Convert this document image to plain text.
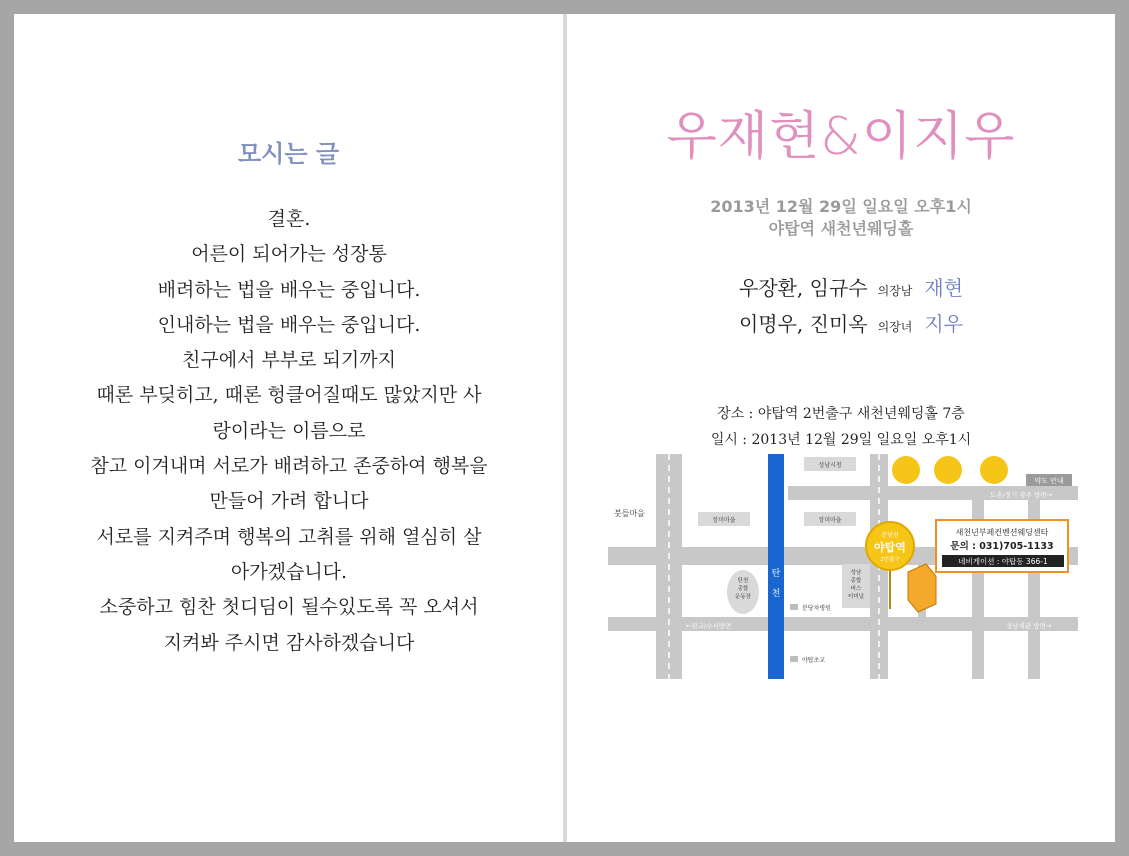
모시는 글
결혼.
어른이 되어가는 성장통
배려하는 법을 배우는 중입니다.
인내하는 법을 배우는 중입니다.
친구에서 부부로 되기까지
때론 부딪히고, 때론 헝클어질때도 많았지만 사
랑이라는 이름으로
참고 이겨내며 서로가 배려하고 존중하여 행복을
만들어 가려 합니다
서로를 지켜주며 행복의 고취를 위해 열심히 살
아가겠습니다.
소중하고 힘찬 첫디딤이 될수있도록 꼭 오셔서
지켜봐 주시면 감사하겠습니다
우재현&이지우
2013년 12월 29일 일요일 오후1시
야탑역 새천년웨딩홀
우장환, 임규수 의장남 재현
이명우, 진미옥 의장녀 지우
장소 : 야탑역 2번출구 새천년웨딩홀 7층
일시 : 2013년 12월 29일 일요일 오후1시
탄
천
성남시청
장미마을	장미마을
붓들마을
탄천
종합
운동장
성남
종합
버스
터미널
분당차병원
야탑초교
←판교/수서방면
도촌/경기 광주 방면→
성남세관 방면→
약도 안내
분당선
야탑역
2번출구
새천년부페컨벤션웨딩센타
문의 : 031)705-1133
네비게이션 : 야탑동 366-1
